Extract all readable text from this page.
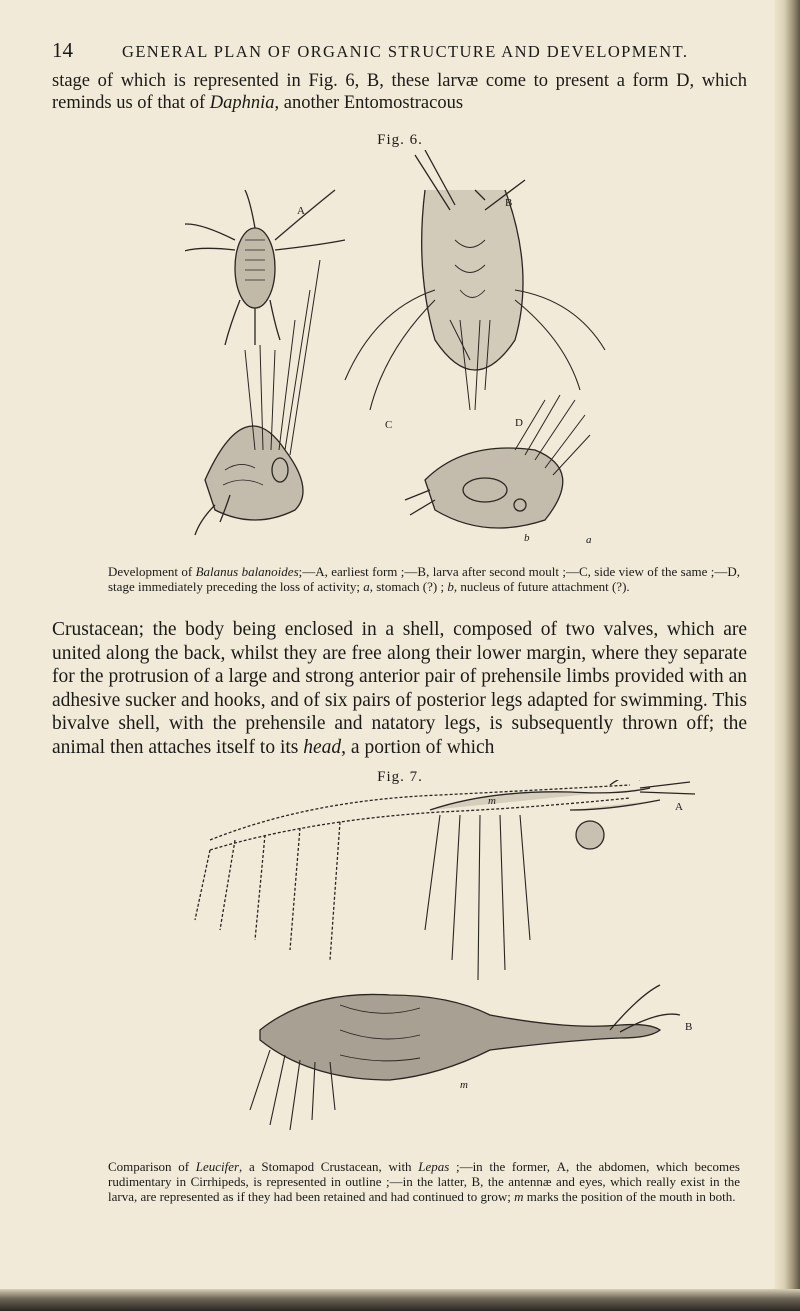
14	GENERAL PLAN OF ORGANIC STRUCTURE AND DEVELOPMENT.

stage of which is represented in Fig. 6, B, these larvæ come to present a form D, which reminds us of that of Daphnia, another Entomostracous

Fig. 6.
A
B
C	D
b	a

Development of Balanus balanoides;—A, earliest form ;—B, larva after second moult ;—C, side view of the same ;—D, stage immediately preceding the loss of activity; a, stomach (?) ; b, nucleus of future attachment (?).

Crustacean; the body being enclosed in a shell, composed of two valves, which are united along the back, whilst they are free along their lower margin, where they separate for the protrusion of a large and strong anterior pair of prehensile limbs provided with an adhesive sucker and hooks, and of six pairs of posterior legs adapted for swimming. This bivalve shell, with the prehensile and natatory legs, is subsequently thrown off; the animal then attaches itself to its head, a portion of which

Fig. 7.
A
m
B
m

Comparison of Leucifer, a Stomapod Crustacean, with Lepas ;—in the former, A, the abdomen, which becomes rudimentary in Cirrhipeds, is represented in outline ;—in the latter, B, the antennæ and eyes, which really exist in the larva, are represented as if they had been retained and had continued to grow; m marks the position of the mouth in both.
